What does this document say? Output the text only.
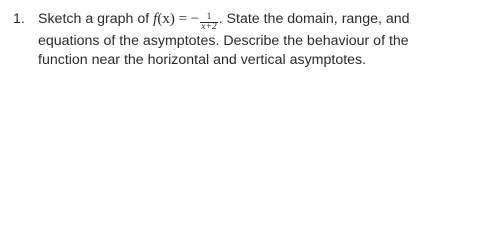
1. Sketch a graph of f(x) = − $\frac{1}{x+2}$ . State the domain, range, and
equations of the asymptotes. Describe the behaviour of the
function near the horizontal and vertical asymptotes.
